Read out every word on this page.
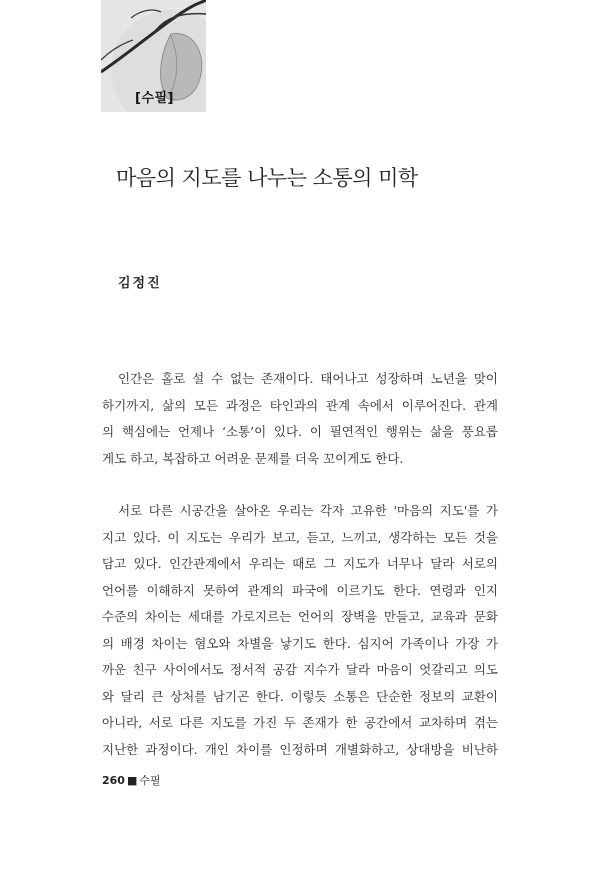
[수필]
마음의 지도를 나누는 소통의 미학
김정진

인간은 홀로 설 수 없는 존재이다. 태어나고 성장하며 노년을 맞이
하기까지, 삶의 모든 과정은 타인과의 관계 속에서 이루어진다. 관계
의 핵심에는 언제나 ‘소통’이 있다. 이 필연적인 행위는 삶을 풍요롭
게도 하고, 복잡하고 어려운 문제를 더욱 꼬이게도 한다.

서로 다른 시공간을 살아온 우리는 각자 고유한 '마음의 지도'를 가
지고 있다. 이 지도는 우리가 보고, 듣고, 느끼고, 생각하는 모든 것을
담고 있다. 인간관계에서 우리는 때로 그 지도가 너무나 달라 서로의
언어를 이해하지 못하여 관계의 파국에 이르기도 한다. 연령과 인지
수준의 차이는 세대를 가로지르는 언어의 장벽을 만들고, 교육과 문화
의 배경 차이는 혐오와 차별을 낳기도 한다. 심지어 가족이나 가장 가
까운 친구 사이에서도 정서적 공감 지수가 달라 마음이 엇갈리고 의도
와 달리 큰 상처를 남기곤 한다. 이렇듯 소통은 단순한 정보의 교환이
아니라, 서로 다른 지도를 가진 두 존재가 한 공간에서 교차하며 겪는
지난한 과정이다. 개인 차이를 인정하며 개별화하고, 상대방을 비난하

260 ■ 수필
